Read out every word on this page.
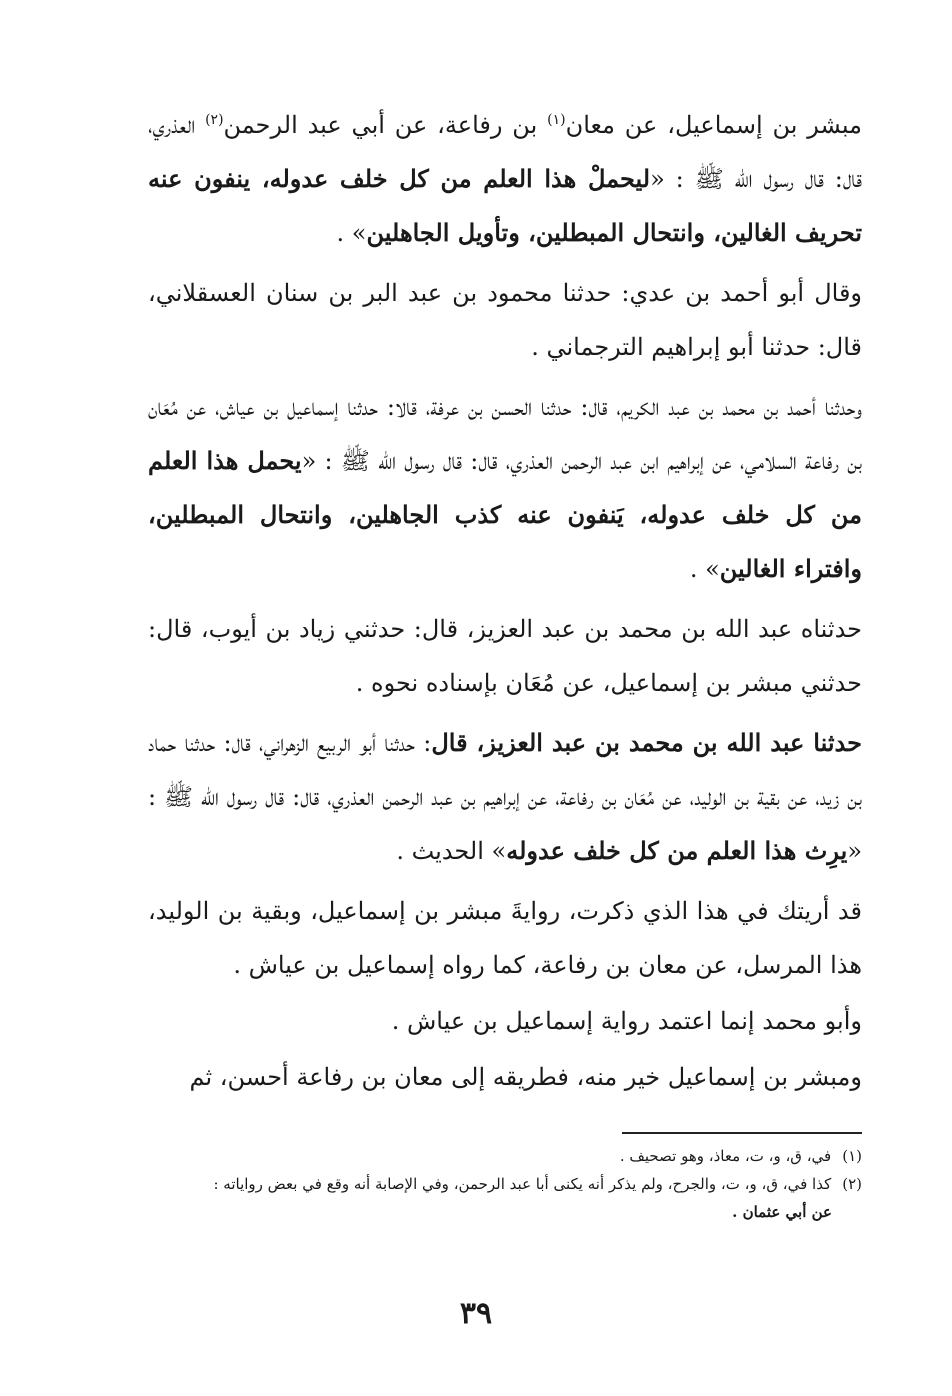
مبشر بن إسماعيل، عن معان$^{(١)}$ بن رفاعة، عن أبي عبد الرحمن$^{(٢)}$ العذري، قال: قال رسول الله ﷺ : «ليحملْ هذا العلم من كل خلف عدوله، ينفون عنه تحريف الغالين، وانتحال المبطلين، وتأويل الجاهلين» .

وقال أبو أحمد بن عدي: حدثنا محمود بن عبد البر بن سنان العسقلاني، قال: حدثنا أبو إبراهيم الترجماني .

وحدثنا أحمد بن محمد بن عبد الكريم، قال: حدثنا الحسن بن عرفة، قالا: حدثنا إسماعيل بن عياش، عن مُعَان بن رفاعة السلامي، عن إبراهيم ابن عبد الرحمن العذري، قال: قال رسول الله ﷺ : «يحمل هذا العلم من كل خلف عدوله، يَنفون عنه كذب الجاهلين، وانتحال المبطلين، وافتراء الغالين» .

حدثناه عبد الله بن محمد بن عبد العزيز، قال: حدثني زياد بن أيوب، قال: حدثني مبشر بن إسماعيل، عن مُعَان بإسناده نحوه .

حدثنا عبد الله بن محمد بن عبد العزيز، قال: حدثنا أبو الربيع الزهراني، قال: حدثنا حماد بن زيد، عن بقية بن الوليد، عن مُعَان بن رفاعة، عن إبراهيم بن عبد الرحمن العذري، قال: قال رسول الله ﷺ : «يرِث هذا العلم من كل خلف عدوله» الحديث .

قد أريتك في هذا الذي ذكرت، روايةَ مبشر بن إسماعيل، وبقية بن الوليد، هذا المرسل، عن معان بن رفاعة، كما رواه إسماعيل بن عياش .

وأبو محمد إنما اعتمد رواية إسماعيل بن عياش .

ومبشر بن إسماعيل خير منه، فطريقه إلى معان بن رفاعة أحسن، ثم

(١) في، ق، و، ت، معاذ، وهو تصحيف .

(٢) كذا في، ق، و، ت، والجرح، ولم يذكر أنه يكنى أبا عبد الرحمن، وفي الإصابة أنه وقع في بعض رواياته :

عن أبي عثمان .

٣٩
